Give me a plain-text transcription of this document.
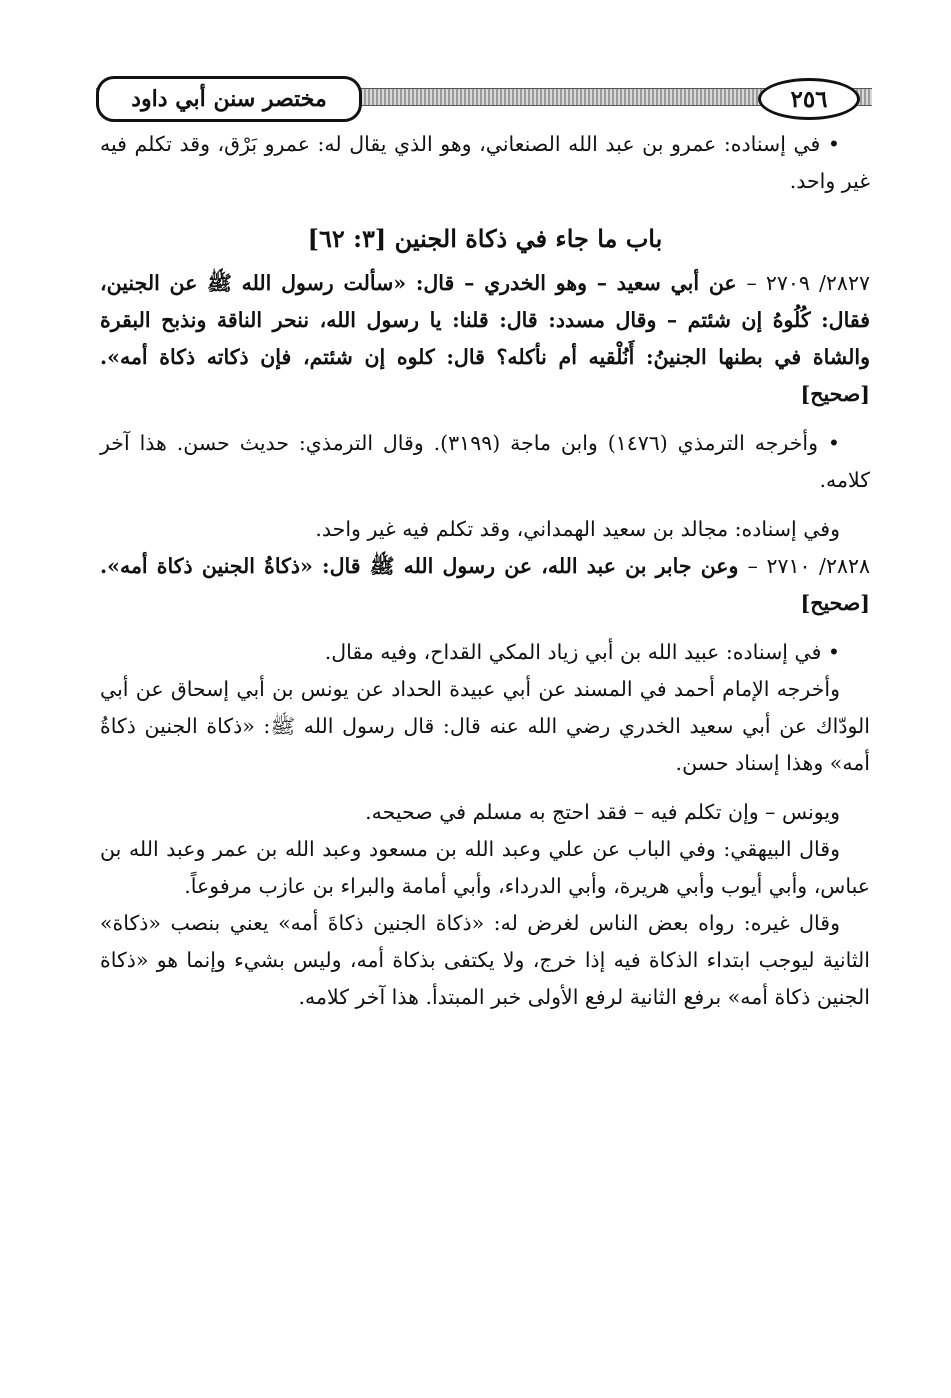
مختصر سنن أبي داود	٢٥٦

• في إسناده: عمرو بن عبد الله الصنعاني، وهو الذي يقال له: عمرو بَرْق، وقد تكلم فيه غير واحد.

باب ما جاء في ذكاة الجنين [٣: ٦٢]

٢٨٢٧/ ٢٧٠٩ – عن أبي سعيد – وهو الخدري – قال: «سألت رسول الله ﷺ عن الجنين، فقال: كُلُوهُ إن شئتم – وقال مسدد: قال: قلنا: يا رسول الله، ننحر الناقة ونذبح البقرة والشاة في بطنها الجنينُ: أَنُلْقيه أم نأكله؟ قال: كلوه إن شئتم، فإن ذكاته ذكاة أمه». [صحيح]

• وأخرجه الترمذي (١٤٧٦) وابن ماجة (٣١٩٩). وقال الترمذي: حديث حسن. هذا آخر كلامه.

وفي إسناده: مجالد بن سعيد الهمداني، وقد تكلم فيه غير واحد.

٢٨٢٨/ ٢٧١٠ – وعن جابر بن عبد الله، عن رسول الله ﷺ قال: «ذكاةُ الجنين ذكاة أمه». [صحيح]

• في إسناده: عبيد الله بن أبي زياد المكي القداح، وفيه مقال.

وأخرجه الإمام أحمد في المسند عن أبي عبيدة الحداد عن يونس بن أبي إسحاق عن أبي الودّاك عن أبي سعيد الخدري رضي الله عنه قال: قال رسول الله ﷺ: «ذكاة الجنين ذكاةُ أمه» وهذا إسناد حسن.

ويونس – وإن تكلم فيه – فقد احتج به مسلم في صحيحه.

وقال البيهقي: وفي الباب عن علي وعبد الله بن مسعود وعبد الله بن عمر وعبد الله بن عباس، وأبي أيوب وأبي هريرة، وأبي الدرداء، وأبي أمامة والبراء بن عازب مرفوعاً.

وقال غيره: رواه بعض الناس لغرض له: «ذكاة الجنين ذكاةَ أمه» يعني بنصب «ذكاة» الثانية ليوجب ابتداء الذكاة فيه إذا خرج، ولا يكتفى بذكاة أمه، وليس بشيء وإنما هو «ذكاة الجنين ذكاة أمه» برفع الثانية لرفع الأولى خبر المبتدأ. هذا آخر كلامه.
